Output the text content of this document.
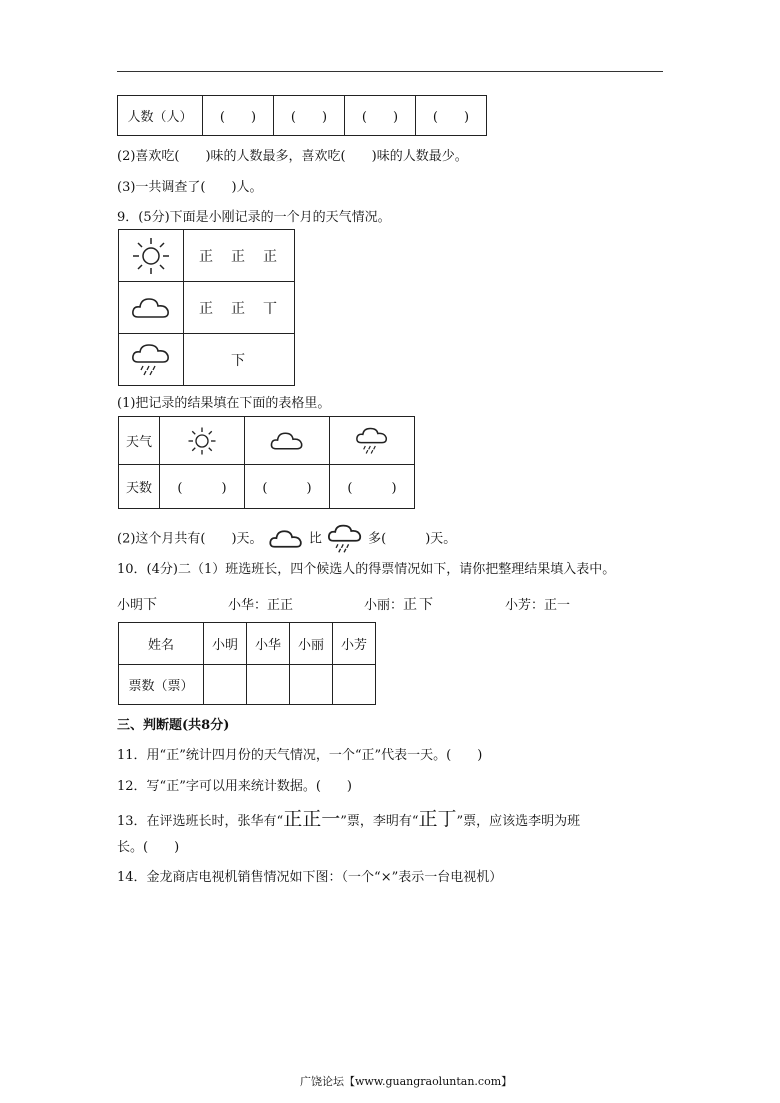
人数（人）	(　　)	(　　)	(　　)	(　　)
(2)喜欢吃(　　)味的人数最多，喜欢吃(　　)味的人数最少。
(3)一共调查了(　　)人。
9．(5分)下面是小刚记录的一个月的天气情况。
	正　正　正

	正　正　丅

	下
(1)把记录的结果填在下面的表格里。
天气	

天数	(　　　)	(　　　)	(　　　)
(2)这个月共有(　　)天。	比	多(　　　)天。
10．(4分)二（1）班选班长，四个候选人的得票情况如下，请你把整理结果填入表中。
小明下	小华：正正	小丽：正下	小芳：正一
姓名	小明	小华	小丽	小芳
票数（票）				
三、判断题(共8分)
11．用“正”统计四月份的天气情况，一个“正”代表一天。(　　)
12．写“正”字可以用来统计数据。(　　)
13．在评选班长时，张华有“正正一”票，李明有“正丁”票，应该选李明为班
长。(　　)
14．金龙商店电视机销售情况如下图：（一个“×”表示一台电视机）
广饶论坛【www.guangraoluntan.com】
